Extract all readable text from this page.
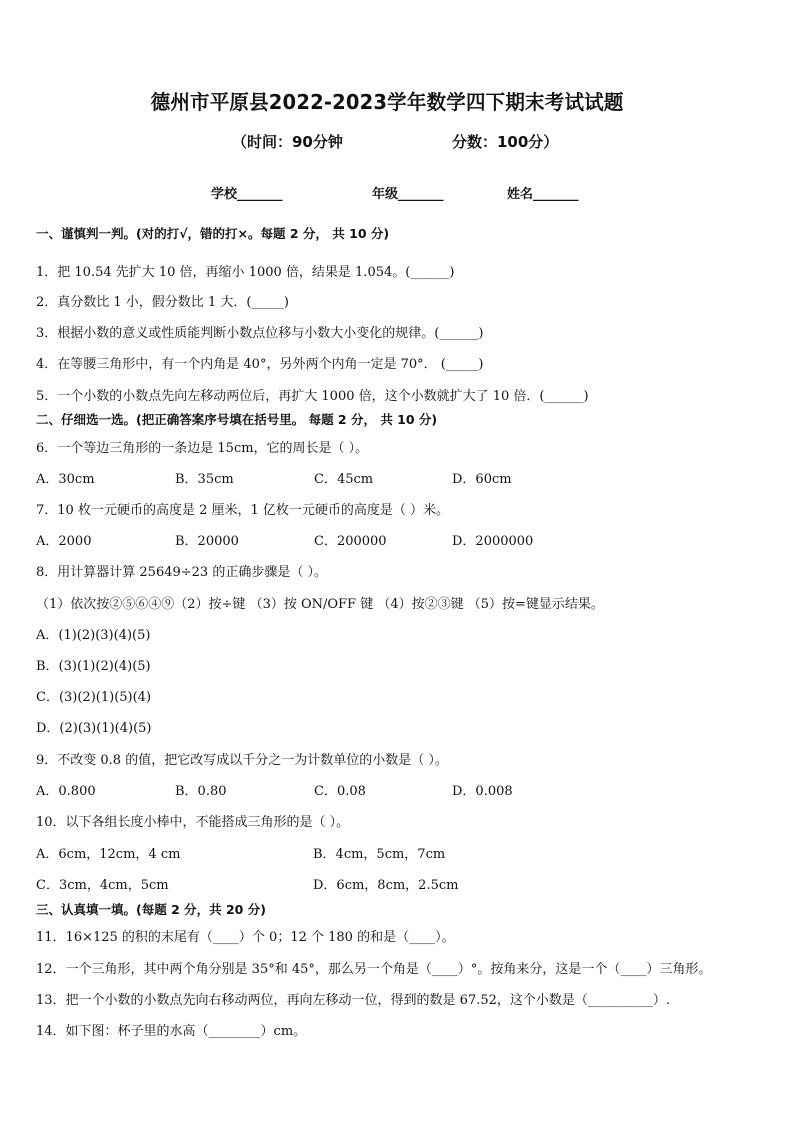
德州市平原县2022-2023学年数学四下期末考试试题
（时间：90分钟	分数：100分）
学校_______	年级_______	姓名_______
一、谨慎判一判。(对的打√，错的打×。每题 2 分， 共 10 分)
1．把 10.54 先扩大 10 倍，再缩小 1000 倍，结果是 1.054。(______)
2．真分数比 1 小，假分数比 1 大．(_____)
3．根据小数的意义或性质能判断小数点位移与小数大小变化的规律。(______)
4．在等腰三角形中，有一个内角是 40°，另外两个内角一定是 70°． (_____)
5．一个小数的小数点先向左移动两位后，再扩大 1000 倍，这个小数就扩大了 10 倍．(______)
二、仔细选一选。(把正确答案序号填在括号里。 每题 2 分， 共 10 分)
6．一个等边三角形的一条边是 15cm，它的周长是（ ）。
A．30cm	B．35cm	C．45cm	D．60cm
7．10 枚一元硬币的高度是 2 厘米，1 亿枚一元硬币的高度是（ ）米。
A．2000	B．20000	C．200000	D．2000000
8．用计算器计算 25649÷23 的正确步骤是（ ）。
（1）依次按②⑤⑥④⑨（2）按÷键 （3）按 ON/OFF 键 （4）按②③键 （5）按=键显示结果。
A．(1)(2)(3)(4)(5)
B．(3)(1)(2)(4)(5)
C．(3)(2)(1)(5)(4)
D．(2)(3)(1)(4)(5)
9．不改变 0.8 的值，把它改写成以千分之一为计数单位的小数是（ ）。
A．0.800	B．0.80	C．0.08	D．0.008
10．以下各组长度小棒中，不能搭成三角形的是（ ）。
A．6cm，12cm，4 cm	B．4cm，5cm，7cm
C．3cm，4cm，5cm	D．6cm，8cm，2.5cm
三、认真填一填。(每题 2 分，共 20 分)
11．16×125 的积的末尾有（____）个 0；12 个 180 的和是（____）。
12．一个三角形，其中两个角分别是 35°和 45°，那么另一个角是（____）°。按角来分，这是一个（____）三角形。
13．把一个小数的小数点先向右移动两位，再向左移动一位，得到的数是 67.52，这个小数是（__________）.
14．如下图：杯子里的水高（________）cm。
